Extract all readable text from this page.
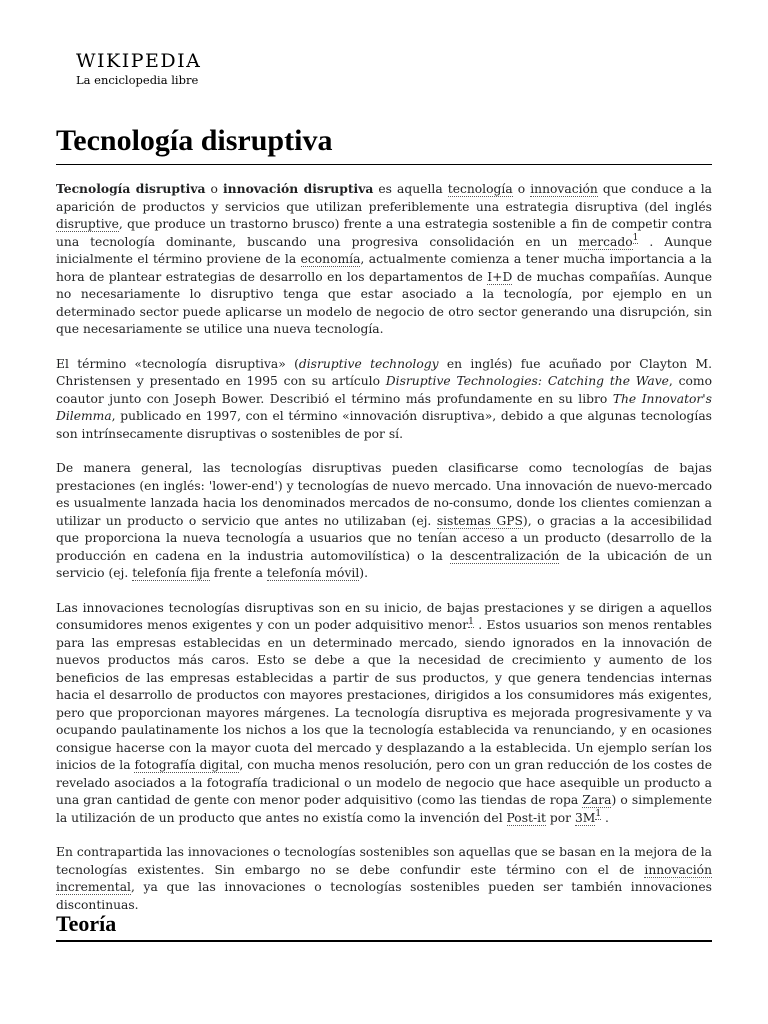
WIKIPEDIA
La enciclopedia libre
Tecnología disruptiva

Tecnología disruptiva o innovación disruptiva es aquella tecnología o innovación que conduce a la aparición de productos y servicios que utilizan preferiblemente una estrategia disruptiva (del inglés disruptive, que produce un trastorno brusco) frente a una estrategia sostenible a fin de competir contra una tecnología dominante, buscando una progresiva consolidación en un mercado$^1$ . Aunque inicialmente el término proviene de la economía, actualmente comienza a tener mucha importancia a la hora de plantear estrategias de desarrollo en los departamentos de I+D de muchas compañías. Aunque no necesariamente lo disruptivo tenga que estar asociado a la tecnología, por ejemplo en un determinado sector puede aplicarse un modelo de negocio de otro sector generando una disrupción, sin que necesariamente se utilice una nueva tecnología.

El término «tecnología disruptiva» (disruptive technology en inglés) fue acuñado por Clayton M. Christensen y presentado en 1995 con su artículo Disruptive Technologies: Catching the Wave, como coautor junto con Joseph Bower. Describió el término más profundamente en su libro The Innovator's Dilemma, publicado en 1997, con el término «innovación disruptiva», debido a que algunas tecnologías son intrínsecamente disruptivas o sostenibles de por sí.

De manera general, las tecnologías disruptivas pueden clasificarse como tecnologías de bajas prestaciones (en inglés: 'lower-end') y tecnologías de nuevo mercado. Una innovación de nuevo-mercado es usualmente lanzada hacia los denominados mercados de no-consumo, donde los clientes comienzan a utilizar un producto o servicio que antes no utilizaban (ej. sistemas GPS), o gracias a la accesibilidad que proporciona la nueva tecnología a usuarios que no tenían acceso a un producto (desarrollo de la producción en cadena en la industria automovilística) o la descentralización de la ubicación de un servicio (ej. telefonía fija frente a telefonía móvil).

Las innovaciones tecnologías disruptivas son en su inicio, de bajas prestaciones y se dirigen a aquellos consumidores menos exigentes y con un poder adquisitivo menor$^1$ . Estos usuarios son menos rentables para las empresas establecidas en un determinado mercado, siendo ignorados en la innovación de nuevos productos más caros. Esto se debe a que la necesidad de crecimiento y aumento de los beneficios de las empresas establecidas a partir de sus productos, y que genera tendencias internas hacia el desarrollo de productos con mayores prestaciones, dirigidos a los consumidores más exigentes, pero que proporcionan mayores márgenes. La tecnología disruptiva es mejorada progresivamente y va ocupando paulatinamente los nichos a los que la tecnología establecida va renunciando, y en ocasiones consigue hacerse con la mayor cuota del mercado y desplazando a la establecida. Un ejemplo serían los inicios de la fotografía digital, con mucha menos resolución, pero con un gran reducción de los costes de revelado asociados a la fotografía tradicional o un modelo de negocio que hace asequible un producto a una gran cantidad de gente con menor poder adquisitivo (como las tiendas de ropa Zara) o simplemente la utilización de un producto que antes no existía como la invención del Post-it por $3M^1$ .

En contrapartida las innovaciones o tecnologías sostenibles son aquellas que se basan en la mejora de la tecnologías existentes. Sin embargo no se debe confundir este término con el de innovación incremental, ya que las innovaciones o tecnologías sostenibles pueden ser también innovaciones discontinuas.

Teoría
